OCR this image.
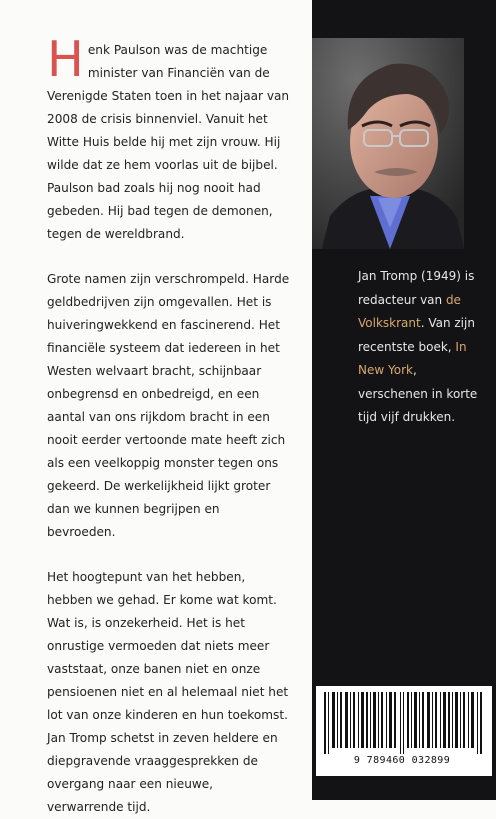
Henk Paulson was de machtige minister van Financiën van de Verenigde Staten toen in het najaar van 2008 de crisis binnenviel. Vanuit het Witte Huis belde hij met zijn vrouw. Hij wilde dat ze hem voorlas uit de bijbel. Paulson bad zoals hij nog nooit had gebeden. Hij bad tegen de demonen, tegen de wereldbrand.

Grote namen zijn verschrompeld. Harde geldbedrijven zijn omgevallen. Het is huiveringwekkend en fascinerend. Het financiële systeem dat iedereen in het Westen welvaart bracht, schijnbaar onbegrensd en onbedreigd, en een aantal van ons rijkdom bracht in een nooit eerder vertoonde mate heeft zich als een veelkoppig monster tegen ons gekeerd. De werkelijkheid lijkt groter dan we kunnen begrijpen en bevroeden.

Het hoogtepunt van het hebben, hebben we gehad. Er kome wat komt. Wat is, is onzekerheid. Het is het onrustige vermoeden dat niets meer vaststaat, onze banen niet en onze pensioenen niet en al helemaal niet het lot van onze kinderen en hun toekomst. Jan Tromp schetst in zeven heldere en diepgravende vraaggesprekken de overgang naar een nieuwe, verwarrende tijd.

Jan Tromp (1949) is redacteur van de Volkskrant. Van zijn recentste boek, In New York, verschenen in korte tijd vijf drukken.
9 789460 032899
